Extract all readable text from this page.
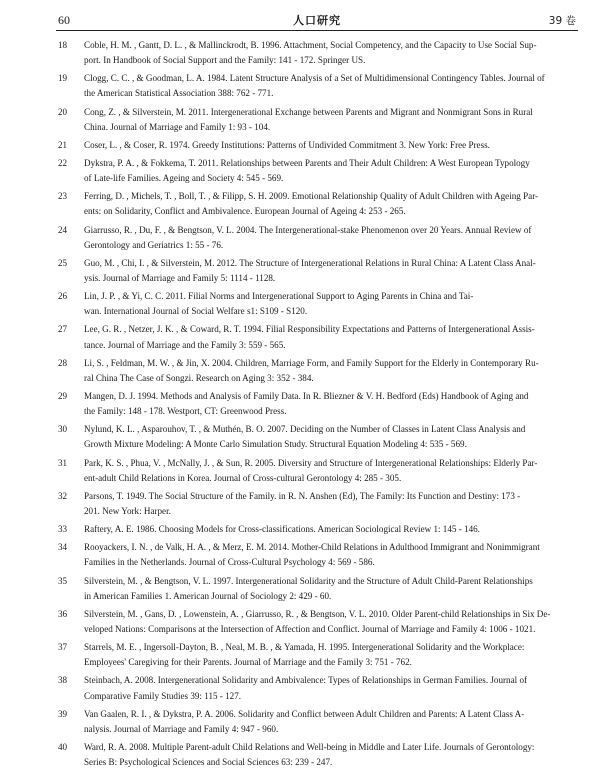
60	人口研究	39 卷
18 Coble, H. M. , Gantt, D. L. , & Mallinckrodt, B. 1996. Attachment, Social Competency, and the Capacity to Use Social Sup-
port. In Handbook of Social Support and the Family: 141 - 172. Springer US.
19 Clogg, C. C. , & Goodman, L. A. 1984. Latent Structure Analysis of a Set of Multidimensional Contingency Tables. Journal of
the American Statistical Association 388: 762 - 771.
20 Cong, Z. , & Silverstein, M. 2011. Intergenerational Exchange between Parents and Migrant and Nonmigrant Sons in Rural
China. Journal of Marriage and Family 1: 93 - 104.
21 Coser, L. , & Coser, R. 1974. Greedy Institutions: Patterns of Undivided Commitment 3. New York: Free Press.
22 Dykstra, P. A. , & Fokkema, T. 2011. Relationships between Parents and Their Adult Children: A West European Typology
of Late-life Families. Ageing and Society 4: 545 - 569.
23 Ferring, D. , Michels, T. , Boll, T. , & Filipp, S. H. 2009. Emotional Relationship Quality of Adult Children with Ageing Par-
ents: on Solidarity, Conflict and Ambivalence. European Journal of Ageing 4: 253 - 265.
24 Giarrusso, R. , Du, F. , & Bengtson, V. L. 2004. The Intergenerational-stake Phenomenon over 20 Years. Annual Review of
Gerontology and Geriatrics 1: 55 - 76.
25 Guo, M. , Chi, I. , & Silverstein, M. 2012. The Structure of Intergenerational Relations in Rural China: A Latent Class Anal-
ysis. Journal of Marriage and Family 5: 1114 - 1128.
26 Lin, J. P. , & Yi, C. C. 2011. Filial Norms and Intergenerational Support to Aging Parents in China and Tai-
wan. International Journal of Social Welfare s1: S109 - S120.
27 Lee, G. R. , Netzer, J. K. , & Coward, R. T. 1994. Filial Responsibility Expectations and Patterns of Intergenerational Assis-
tance. Journal of Marriage and the Family 3: 559 - 565.
28 Li, S. , Feldman, M. W. , & Jin, X. 2004. Children, Marriage Form, and Family Support for the Elderly in Contemporary Ru-
ral China The Case of Songzi. Research on Aging 3: 352 - 384.
29 Mangen, D. J. 1994. Methods and Analysis of Family Data. In R. Bliezner & V. H. Bedford (Eds) Handbook of Aging and
the Family: 148 - 178. Westport, CT: Greenwood Press.
30 Nylund, K. L. , Asparouhov, T. , & Muthén, B. O. 2007. Deciding on the Number of Classes in Latent Class Analysis and
Growth Mixture Modeling: A Monte Carlo Simulation Study. Structural Equation Modeling 4: 535 - 569.
31 Park, K. S. , Phua, V. , McNally, J. , & Sun, R. 2005. Diversity and Structure of Intergenerational Relationships: Elderly Par-
ent-adult Child Relations in Korea. Journal of Cross-cultural Gerontology 4: 285 - 305.
32 Parsons, T. 1949. The Social Structure of the Family. in R. N. Anshen (Ed), The Family: Its Function and Destiny: 173 -
201. New York: Harper.
33 Raftery, A. E. 1986. Choosing Models for Cross-classifications. American Sociological Review 1: 145 - 146.
34 Rooyackers, I. N. , de Valk, H. A. , & Merz, E. M. 2014. Mother-Child Relations in Adulthood Immigrant and Nonimmigrant
Families in the Netherlands. Journal of Cross-Cultural Psychology 4: 569 - 586.
35 Silverstein, M. , & Bengtson, V. L. 1997. Intergenerational Solidarity and the Structure of Adult Child-Parent Relationships
in American Families 1. American Journal of Sociology 2: 429 - 60.
36 Silverstein, M. , Gans, D. , Lowenstein, A. , Giarrusso, R. , & Bengtson, V. L. 2010. Older Parent-child Relationships in Six De-
veloped Nations: Comparisons at the Intersection of Affection and Conflict. Journal of Marriage and Family 4: 1006 - 1021.
37 Starrels, M. E. , Ingersoll-Dayton, B. , Neal, M. B. , & Yamada, H. 1995. Intergenerational Solidarity and the Workplace:
Employees' Caregiving for their Parents. Journal of Marriage and the Family 3: 751 - 762.
38 Steinbach, A. 2008. Intergenerational Solidarity and Ambivalence: Types of Relationships in German Families. Journal of
Comparative Family Studies 39: 115 - 127.
39 Van Gaalen, R. I. , & Dykstra, P. A. 2006. Solidarity and Conflict between Adult Children and Parents: A Latent Class A-
nalysis. Journal of Marriage and Family 4: 947 - 960.
40 Ward, R. A. 2008. Multiple Parent-adult Child Relations and Well-being in Middle and Later Life. Journals of Gerontology:
Series B: Psychological Sciences and Social Sciences 63: 239 - 247.
